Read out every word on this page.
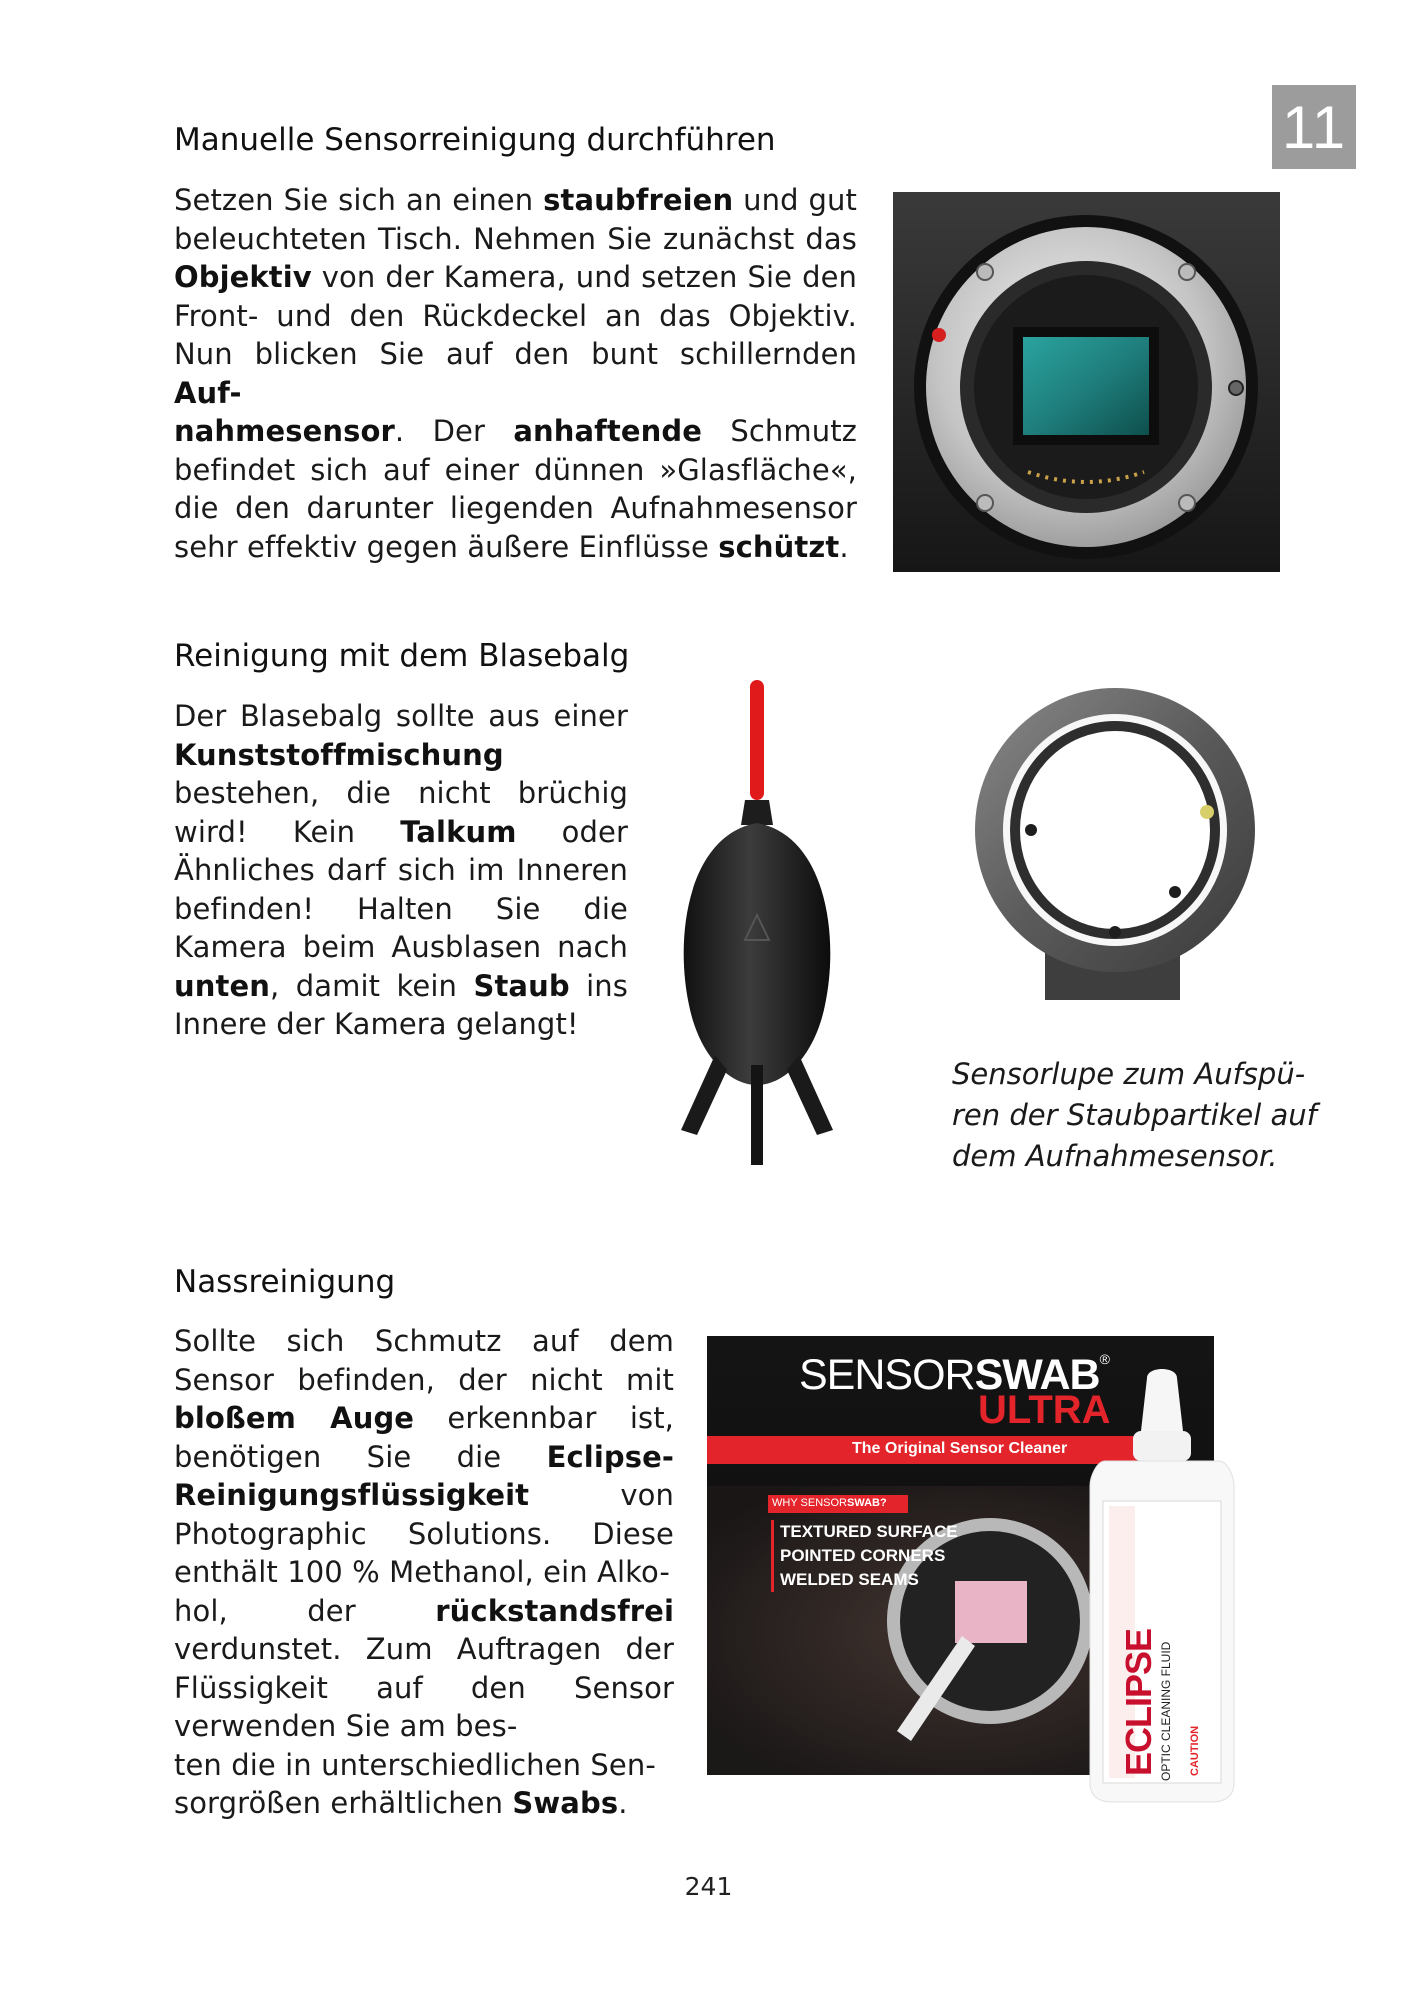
11
Manuelle Sensorreinigung durchführen

Setzen Sie sich an einen staubfreien und gut beleuchteten Tisch. Nehmen Sie zunächst das Objektiv von der Kamera, und setzen Sie den Front- und den Rückdeckel an das Objektiv. Nun blicken Sie auf den bunt schillernden Auf-
nahmesensor. Der anhaftende Schmutz befindet sich auf einer dünnen »Glasfläche«, die den darunter liegenden Aufnahmesensor sehr effektiv gegen äußere Einflüsse schützt.

Reinigung mit dem Blasebalg

Der Blasebalg sollte aus einer Kunststoffmischung bestehen, die nicht brüchig wird! Kein Talkum oder Ähnliches darf sich im Inneren befinden! Halten Sie die Kamera beim Ausblasen nach unten, damit kein Staub ins Innere der Kamera gelangt!

Sensorlupe zum Aufspü-
ren der Staubpartikel auf
dem Aufnahmesensor.

Nassreinigung

Sollte sich Schmutz auf dem Sensor befinden, der nicht mit bloßem Auge erkennbar ist, benötigen Sie die Eclipse-Reinigungsflüssigkeit von Photographic Solutions. Diese enthält 100 % Methanol, ein Alko-
hol, der rückstandsfrei verdunstet. Zum Auftragen der Flüssigkeit auf den Sensor verwenden Sie am bes-
ten die in unterschiedlichen Sen-
sorgrößen erhältlichen Swabs.

SENSORSWAB®
ULTRA
The Original Sensor Cleaner
WHY SENSORSWAB?
TEXTURED SURFACE
POINTED CORNERS
WELDED SEAMS
ECLIPSE OPTIC CLEANING FLUID CAUTION
241
